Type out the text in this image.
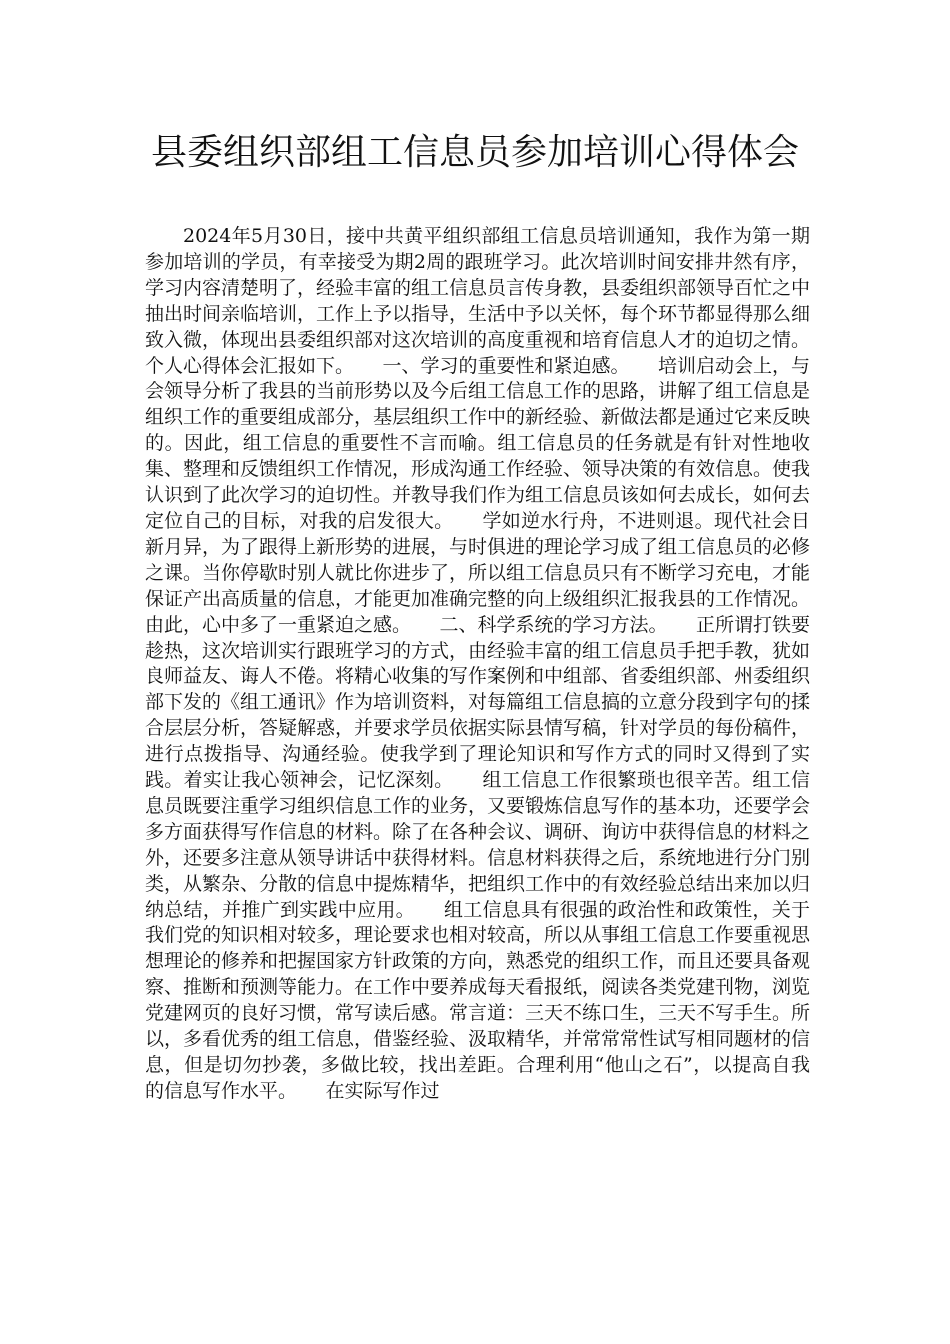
县委组织部组工信息员参加培训心得体会

2024年5月30日，接中共黄平组织部组工信息员培训通知，我作为第一期参加培训的学员，有幸接受为期2周的跟班学习。此次培训时间安排井然有序，学习内容清楚明了，经验丰富的组工信息员言传身教，县委组织部领导百忙之中抽出时间亲临培训，工作上予以指导，生活中予以关怀，每个环节都显得那么细致入微，体现出县委组织部对这次培训的高度重视和培育信息人才的迫切之情。个人心得体会汇报如下。　　一、学习的重要性和紧迫感。　　培训启动会上，与会领导分析了我县的当前形势以及今后组工信息工作的思路，讲解了组工信息是组织工作的重要组成部分，基层组织工作中的新经验、新做法都是通过它来反映的。因此，组工信息的重要性不言而喻。组工信息员的任务就是有针对性地收集、整理和反馈组织工作情况，形成沟通工作经验、领导决策的有效信息。使我认识到了此次学习的迫切性。并教导我们作为组工信息员该如何去成长，如何去定位自己的目标，对我的启发很大。　　学如逆水行舟，不进则退。现代社会日新月异，为了跟得上新形势的进展，与时俱进的理论学习成了组工信息员的必修之课。当你停歇时别人就比你进步了，所以组工信息员只有不断学习充电，才能保证产出高质量的信息，才能更加准确完整的向上级组织汇报我县的工作情况。由此，心中多了一重紧迫之感。　　二、科学系统的学习方法。　　正所谓打铁要趁热，这次培训实行跟班学习的方式，由经验丰富的组工信息员手把手教，犹如良师益友、诲人不倦。将精心收集的写作案例和中组部、省委组织部、州委组织部下发的《组工通讯》作为培训资料，对每篇组工信息搞的立意分段到字句的揉合层层分析，答疑解惑，并要求学员依据实际县情写稿，针对学员的每份稿件，进行点拨指导、沟通经验。使我学到了理论知识和写作方式的同时又得到了实践。着实让我心领神会，记忆深刻。　　组工信息工作很繁琐也很辛苦。组工信息员既要注重学习组织信息工作的业务，又要锻炼信息写作的基本功，还要学会多方面获得写作信息的材料。除了在各种会议、调研、询访中获得信息的材料之外，还要多注意从领导讲话中获得材料。信息材料获得之后，系统地进行分门别类，从繁杂、分散的信息中提炼精华，把组织工作中的有效经验总结出来加以归纳总结，并推广到实践中应用。　　组工信息具有很强的政治性和政策性，关于我们党的知识相对较多，理论要求也相对较高，所以从事组工信息工作要重视思想理论的修养和把握国家方针政策的方向，熟悉党的组织工作，而且还要具备观察、推断和预测等能力。在工作中要养成每天看报纸，阅读各类党建刊物，浏览党建网页的良好习惯，常写读后感。常言道：三天不练口生，三天不写手生。所以，多看优秀的组工信息，借鉴经验、汲取精华，并常常常性试写相同题材的信息，但是切勿抄袭，多做比较，找出差距。合理利用“他山之石”，以提高自我的信息写作水平。　　在实际写作过
